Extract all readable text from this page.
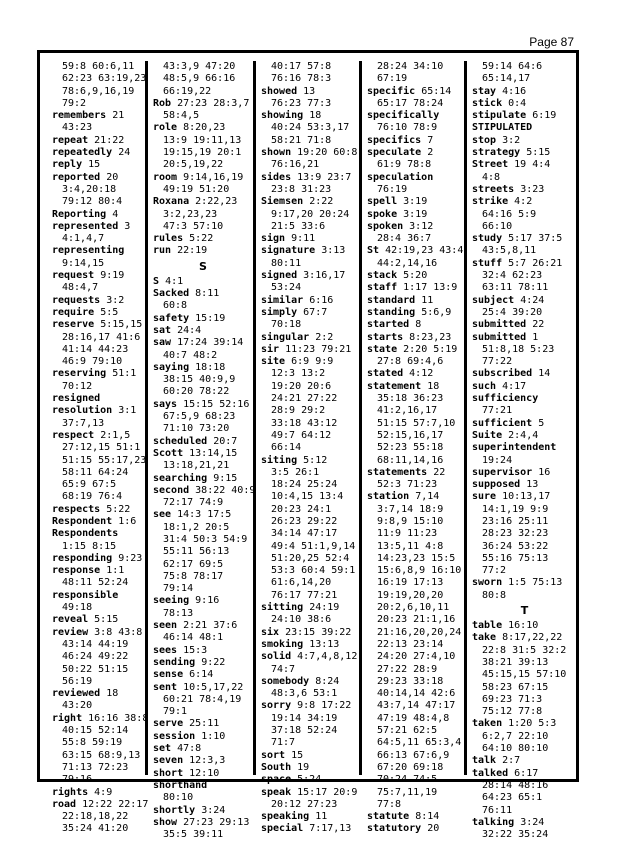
Page 87
59:8 60:6,11
62:23 63:19,23
78:6,9,16,19
79:2
remembers 21
43:23
repeat 21:22
repeatedly 24
reply 15
reported 20
3:4,20:18
79:12 80:4
Reporting 4
represented 3
4:1,4,7
representing
9:14,15
request 9:19
48:4,7
requests 3:2
require 5:5
reserve 5:15,15
28:16,17 41:6
41:14 44:23
46:9 79:10
reserving 51:1
70:12
resigned
resolution 3:1
37:7,13
respect 2:1,5
27:12,15 51:1
51:15 55:17,23
58:11 64:24
65:9 67:5
68:19 76:4
respects 5:22
Respondent 1:6
Respondents
1:15 8:15
responding 9:23
response 1:1
48:11 52:24
responsible
49:18
reveal 5:15
review 3:8 43:8
43:14 44:19
46:24 49:22
50:22 51:15
56:19
reviewed 18
43:20
right 16:16 38:8
40:15 52:14
55:8 59:19
63:15 68:9,13
71:13 72:23
79:16
rights 4:9
road 12:22 22:17
22:18,18,22
35:24 41:20
43:3,9 47:20
48:5,9 66:16
66:19,22
Rob 27:23 28:3,7
58:4,5
role 8:20,23
13:9 19:11,13
19:15,19 20:1
20:5,19,22
room 9:14,16,19
49:19 51:20
Roxana 2:22,23
3:2,23,23
47:3 57:10
rules 5:22
run 22:19
S
S 4:1
Sacked 8:11
60:8
safety 15:19
sat 24:4
saw 17:24 39:14
40:7 48:2
saying 18:18
38:15 40:9,9
60:20 78:22
says 15:15 52:16
67:5,9 68:23
71:10 73:20
scheduled 20:7
Scott 13:14,15
13:18,21,21
searching 9:15
second 38:22 40:9
72:17 74:9
see 14:3 17:5
18:1,2 20:5
31:4 50:3 54:9
55:11 56:13
62:17 69:5
75:8 78:17
79:14
seeing 9:16
78:13
seen 2:21 37:6
46:14 48:1
sees 15:3
sending 9:22
sense 6:14
sent 10:5,17,22
60:21 78:4,19
79:1
serve 25:11
session 1:10
set 47:8
seven 12:3,3
short 12:10
shorthand
80:10
shortly 3:24
show 27:23 29:13
35:5 39:11
40:17 57:8
76:16 78:3
showed 13
76:23 77:3
showing 18
40:24 53:3,17
58:21 71:8
shown 19:20 60:8
76:16,21
sides 13:9 23:7
23:8 31:23
Siemsen 2:22
9:17,20 20:24
21:5 33:6
sign 9:11
signature 3:13
80:11
signed 3:16,17
53:24
similar 6:16
simply 67:7
70:18
singular 2:2
sir 11:23 79:21
site 6:9 9:9
12:3 13:2
19:20 20:6
24:21 27:22
28:9 29:2
33:18 43:12
49:7 64:12
66:14
siting 5:12
3:5 26:1
18:24 25:24
10:4,15 13:4
20:23 24:1
26:23 29:22
34:14 47:17
49:4 51:1,9,14
51:20,25 52:4
53:3 60:4 59:1
61:6,14,20
76:17 77:21
sitting 24:19
24:10 38:6
six 23:15 39:22
smoking 13:13
solid 4:7,4,8,12
74:7
somebody 8:24
48:3,6 53:1
sorry 9:8 17:22
19:14 34:19
37:18 52:24
71:7
sort 15
South 19
space 5:24
speak 15:17 20:9
20:12 27:23
speaking 11
special 7:17,13
28:24 34:10
67:19
specific 65:14
65:17 78:24
specifically
76:10 78:9
specifics 7
speculate 2
61:9 78:8
speculation
76:19
spell 3:19
spoke 3:19
spoken 3:12
28:4 36:7
St 42:19,23 43:4
44:2,14,16
stack 5:20
staff 1:17 13:9
standard 11
standing 5:6,9
started 8
starts 8:23,23
state 2:20 5:19
27:8 69:4,6
stated 4:12
statement 18
35:18 36:23
41:2,16,17
51:15 57:7,10
52:15,16,17
52:23 55:18
68:11,14,16
statements 22
52:3 71:23
station 7,14
3:7,14 18:9
9:8,9 15:10
11:9 11:23
13:5,11 4:8
14:23,23 15:5
15:6,8,9 16:10
16:19 17:13
19:19,20,20
20:2,6,10,11
20:23 21:1,16
21:16,20,20,24
22:13 23:14
24:20 27:4,10
27:22 28:9
29:23 33:18
40:14,14 42:6
43:7,14 47:17
47:19 48:4,8
57:21 62:5
64:5,11 65:3,4
66:13 67:6,9
67:20 69:18
70:24 74:5
75:7,11,19
77:8
statute 8:14
statutory 20
59:14 64:6
65:14,17
stay 4:16
stick 0:4
stipulate 6:19
STIPULATED
stop 3:2
strategy 5:15
Street 19 4:4
4:8
streets 3:23
strike 4:2
64:16 5:9
66:10
study 5:17 37:5
43:5,8,11
stuff 5:7 26:21
32:4 62:23
63:11 78:11
subject 4:24
25:4 39:20
submitted 22
submitted 1
51:8,18 5:23
77:22
subscribed 14
such 4:17
sufficiency
77:21
sufficient 5
Suite 2:4,4
superintendent
19:24
supervisor 16
supposed 13
sure 10:13,17
14:1,19 9:9
23:16 25:11
28:23 32:23
36:24 53:22
55:16 75:13
77:2
sworn 1:5 75:13
80:8
T
table 16:10
take 8:17,22,22
22:8 31:5 32:2
38:21 39:13
45:15,15 57:10
58:23 67:15
69:23 71:3
75:12 77:8
taken 1:20 5:3
6:2,7 22:10
64:10 80:10
talk 2:7
talked 6:17
28:14 48:16
64:23 65:1
76:11
talking 3:24
32:22 35:24
